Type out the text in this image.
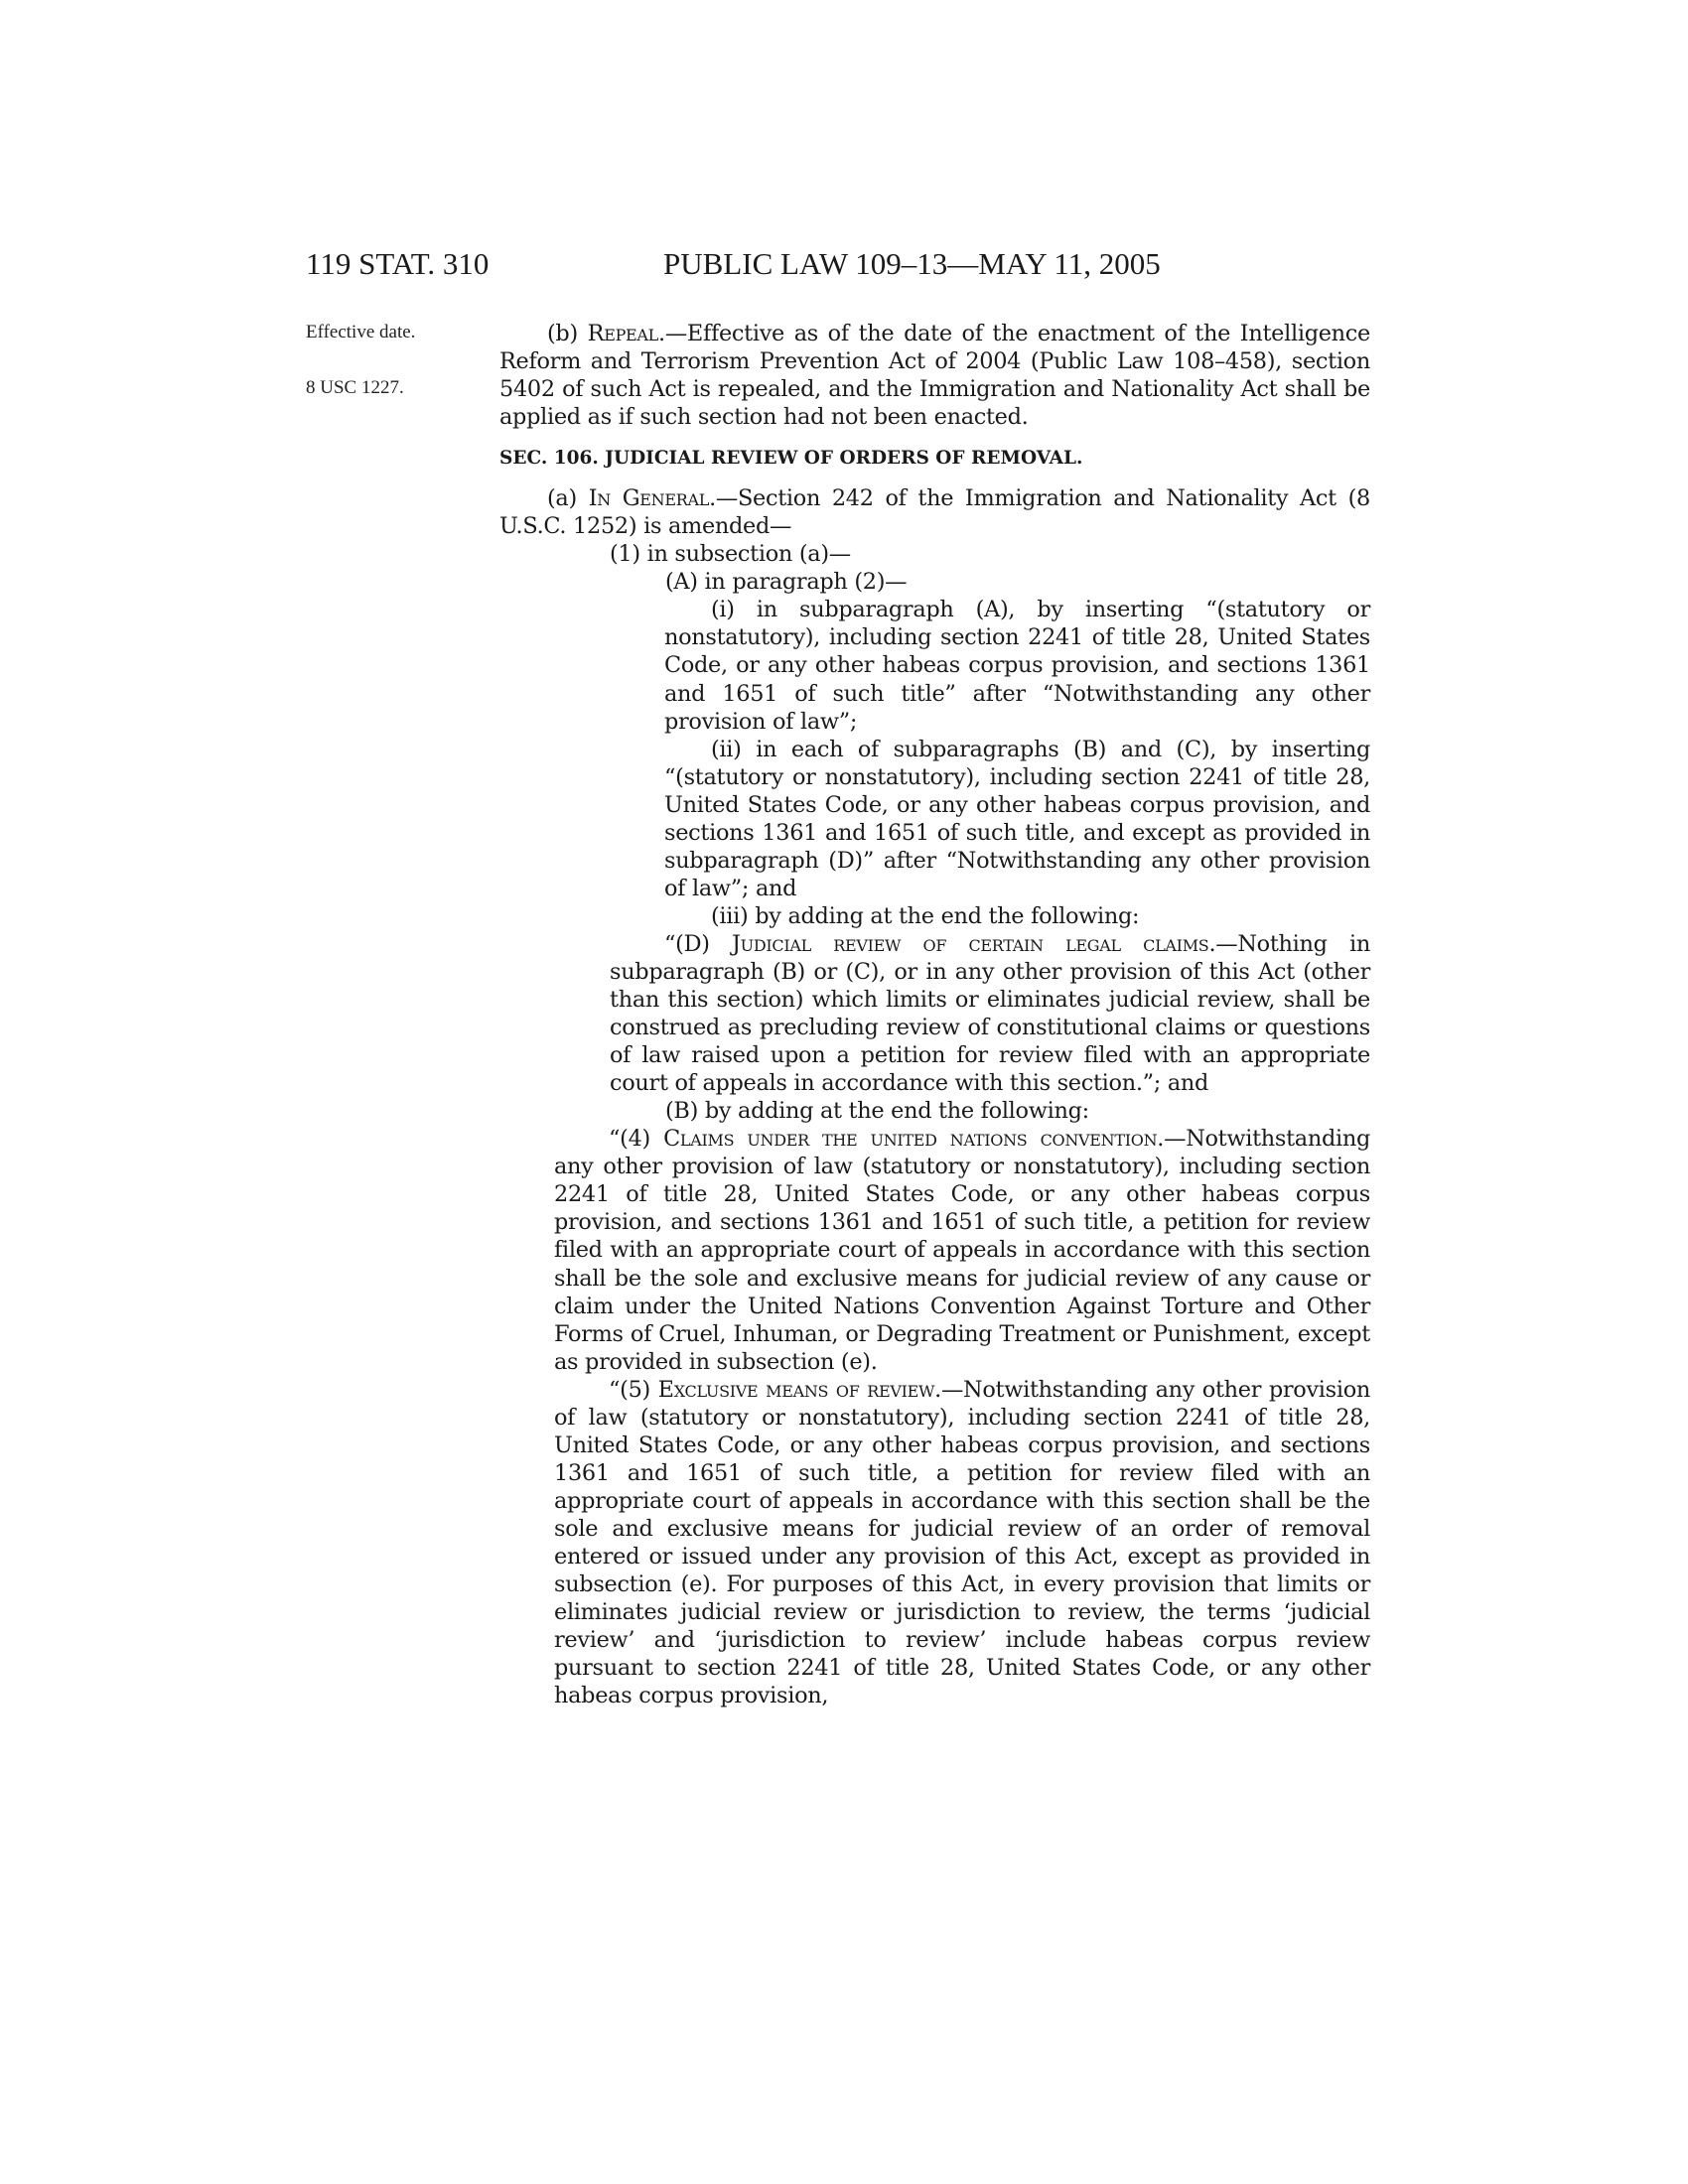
119 STAT. 310	PUBLIC LAW 109–13—MAY 11, 2005
Effective date.
8 USC 1227.

(b) Repeal.—Effective as of the date of the enactment of the Intelligence Reform and Terrorism Prevention Act of 2004 (Public Law 108–458), section 5402 of such Act is repealed, and the Immigration and Nationality Act shall be applied as if such section had not been enacted.

SEC. 106. JUDICIAL REVIEW OF ORDERS OF REMOVAL.

(a) In General.—Section 242 of the Immigration and Nationality Act (8 U.S.C. 1252) is amended—

(1) in subsection (a)—

(A) in paragraph (2)—

(i) in subparagraph (A), by inserting “(statutory or nonstatutory), including section 2241 of title 28, United States Code, or any other habeas corpus provision, and sections 1361 and 1651 of such title” after “Notwithstanding any other provision of law”;

(ii) in each of subparagraphs (B) and (C), by inserting “(statutory or nonstatutory), including section 2241 of title 28, United States Code, or any other habeas corpus provision, and sections 1361 and 1651 of such title, and except as provided in subparagraph (D)” after “Notwithstanding any other provision of law”; and

(iii) by adding at the end the following:

“(D) Judicial review of certain legal claims.—Nothing in subparagraph (B) or (C), or in any other provision of this Act (other than this section) which limits or eliminates judicial review, shall be construed as precluding review of constitutional claims or questions of law raised upon a petition for review filed with an appropriate court of appeals in accordance with this section.”; and

(B) by adding at the end the following:

“(4) Claims under the united nations convention.—Notwithstanding any other provision of law (statutory or nonstatutory), including section 2241 of title 28, United States Code, or any other habeas corpus provision, and sections 1361 and 1651 of such title, a petition for review filed with an appropriate court of appeals in accordance with this section shall be the sole and exclusive means for judicial review of any cause or claim under the United Nations Convention Against Torture and Other Forms of Cruel, Inhuman, or Degrading Treatment or Punishment, except as provided in subsection (e).

“(5) Exclusive means of review.—Notwithstanding any other provision of law (statutory or nonstatutory), including section 2241 of title 28, United States Code, or any other habeas corpus provision, and sections 1361 and 1651 of such title, a petition for review filed with an appropriate court of appeals in accordance with this section shall be the sole and exclusive means for judicial review of an order of removal entered or issued under any provision of this Act, except as provided in subsection (e). For purposes of this Act, in every provision that limits or eliminates judicial review or jurisdiction to review, the terms ‘judicial review’ and ‘jurisdiction to review’ include habeas corpus review pursuant to section 2241 of title 28, United States Code, or any other habeas corpus provision,
